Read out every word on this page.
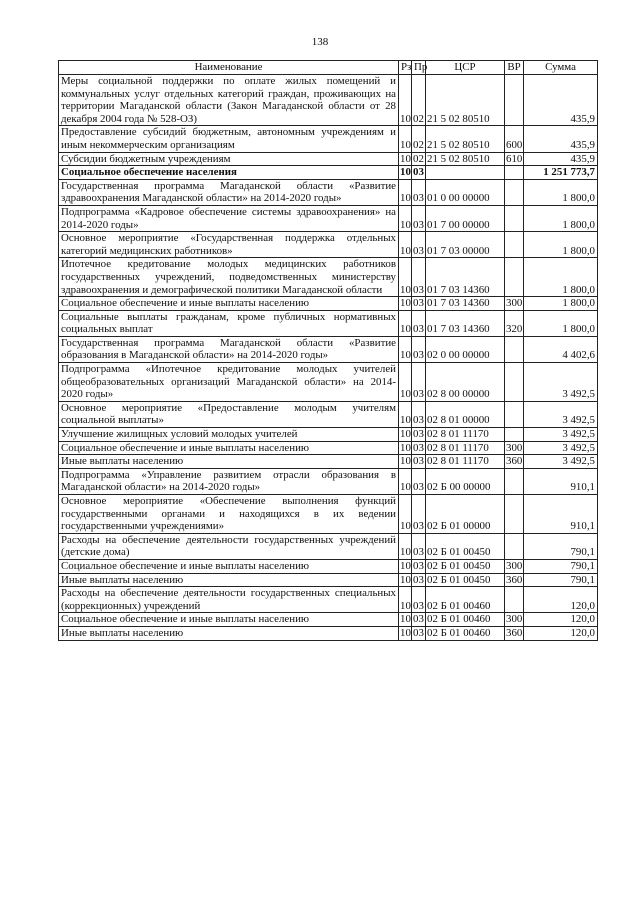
138
Наименование	Рз	Пр	ЦСР	ВР	Сумма
Меры социальной поддержки по оплате жилых помещений и коммунальных услуг отдельных категорий граждан, проживающих на территории Магаданской области (Закон Магаданской области от 28 декабря 2004 года № 528-ОЗ)	10	02	21 5 02 80510		435,9
Предоставление субсидий бюджетным, автономным учреждениям и иным некоммерческим организациям	10	02	21 5 02 80510	600	435,9
Субсидии бюджетным учреждениям	10	02	21 5 02 80510	610	435,9
Социальное обеспечение населения	10	03			1 251 773,7
Государственная программа Магаданской области «Развитие здравоохранения Магаданской области» на 2014-2020 годы»	10	03	01 0 00 00000		1 800,0
Подпрограмма «Кадровое обеспечение системы здравоохранения» на 2014-2020 годы»	10	03	01 7 00 00000		1 800,0
Основное мероприятие «Государственная поддержка отдельных категорий медицинских работников»	10	03	01 7 03 00000		1 800,0
Ипотечное кредитование молодых медицинских работников государственных учреждений, подведомственных министерству здравоохранения и демографической политики Магаданской области	10	03	01 7 03 14360		1 800,0
Социальное обеспечение и иные выплаты населению	10	03	01 7 03 14360	300	1 800,0
Социальные выплаты гражданам, кроме публичных нормативных социальных выплат	10	03	01 7 03 14360	320	1 800,0
Государственная программа Магаданской области «Развитие образования в Магаданской области» на 2014-2020 годы»	10	03	02 0 00 00000		4 402,6
Подпрограмма «Ипотечное кредитование молодых учителей общеобразовательных организаций Магаданской области» на 2014-2020 годы»	10	03	02 8 00 00000		3 492,5
Основное мероприятие «Предоставление молодым учителям социальной выплаты»	10	03	02 8 01 00000		3 492,5
Улучшение жилищных условий молодых учителей	10	03	02 8 01 11170		3 492,5
Социальное обеспечение и иные выплаты населению	10	03	02 8 01 11170	300	3 492,5
Иные выплаты населению	10	03	02 8 01 11170	360	3 492,5
Подпрограмма «Управление развитием отрасли образования в Магаданской области» на 2014-2020 годы»	10	03	02 Б 00 00000		910,1
Основное мероприятие «Обеспечение выполнения функций государственными органами и находящихся в их ведении государственными учреждениями»	10	03	02 Б 01 00000		910,1
Расходы на обеспечение деятельности государственных учреждений (детские дома)	10	03	02 Б 01 00450		790,1
Социальное обеспечение и иные выплаты населению	10	03	02 Б 01 00450	300	790,1
Иные выплаты населению	10	03	02 Б 01 00450	360	790,1
Расходы на обеспечение деятельности государственных специальных (коррекционных) учреждений	10	03	02 Б 01 00460		120,0
Социальное обеспечение и иные выплаты населению	10	03	02 Б 01 00460	300	120,0
Иные выплаты населению	10	03	02 Б 01 00460	360	120,0
